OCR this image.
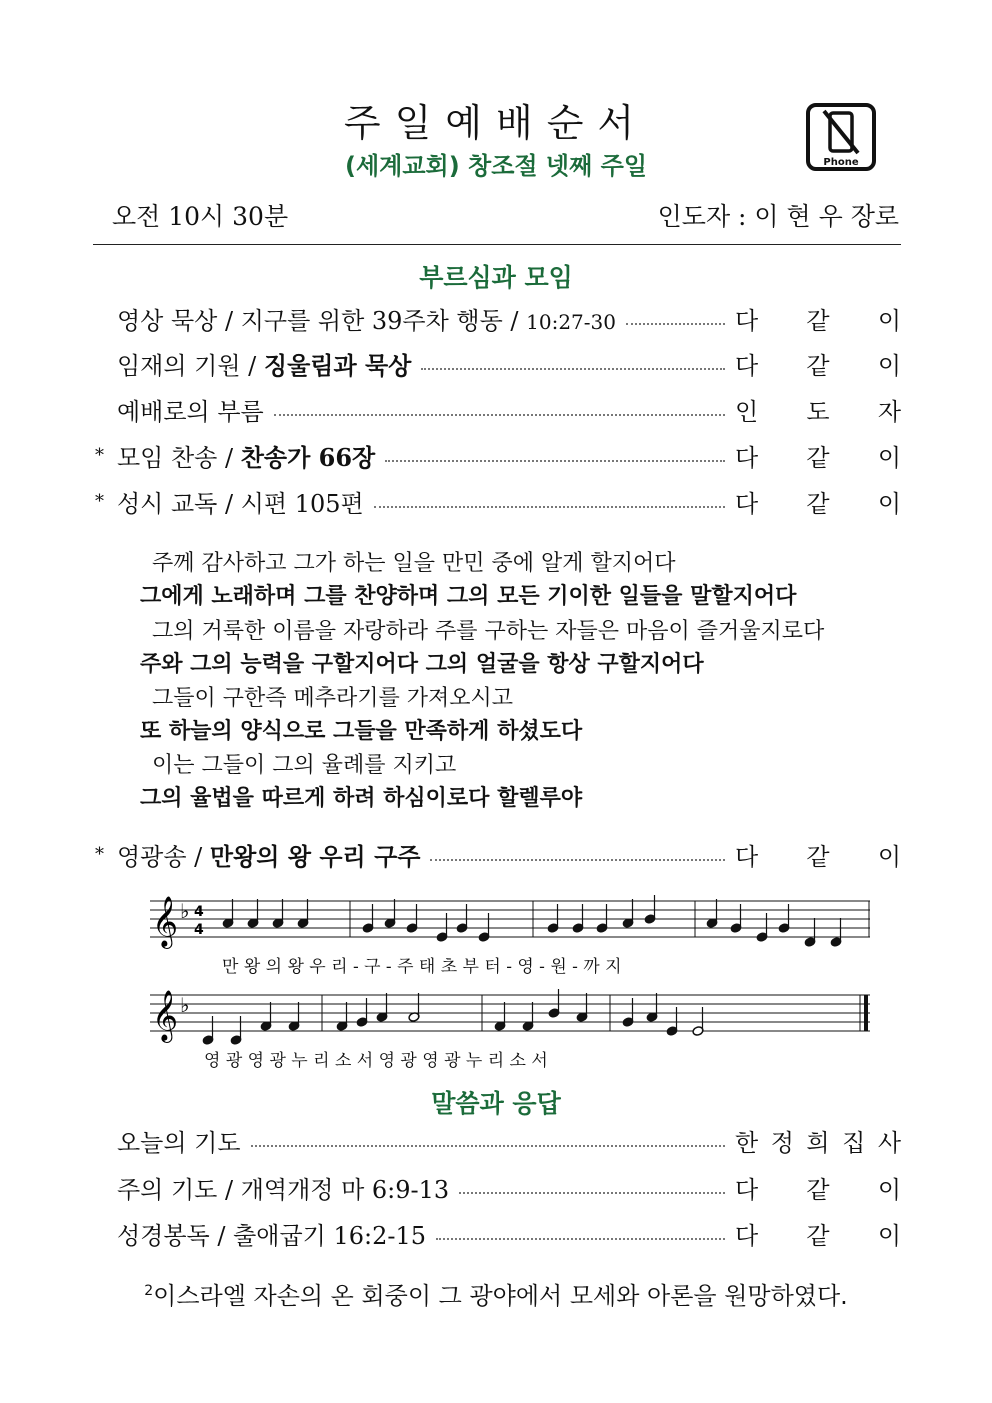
주일예배순서
(세계교회) 창조절 넷째 주일	Phone
오전 10시 30분	인도자 : 이 현 우 장로
부르심과 모임
영상 묵상 / 지구를 위한 39주차 행동 / 10:27-30	다 같 이
임재의 기원 / 징울림과 묵상	다 같 이
예배로의 부름	인 도 자
* 모임 찬송 / 찬송가 66장	다 같 이
* 성시 교독 / 시편 105편	다 같 이
주께 감사하고 그가 하는 일을 만민 중에 알게 할지어다
그에게 노래하며 그를 찬양하며 그의 모든 기이한 일들을 말할지어다
그의 거룩한 이름을 자랑하라 주를 구하는 자들은 마음이 즐거울지로다
주와 그의 능력을 구할지어다 그의 얼굴을 항상 구할지어다
그들이 구한즉 메추라기를 가져오시고
또 하늘의 양식으로 그들을 만족하게 하셨도다
이는 그들이 그의 율례를 지키고
그의 율법을 따르게 하려 하심이로다 할렐루야
* 영광송 / 만왕의 왕 우리 구주	다 같 이
𝄞 ♭ 4
4
만 왕 의 왕 우 리 - 구 - 주 태 초 부 터 - 영 - 원 - 까 지
𝄞 ♭
영 광 영 광 누 리 소 서 영 광 영 광 누 리 소 서
말씀과 응답
오늘의 기도	한 정 희 집 사
주의 기도 / 개역개정 마 6:9-13	다 같 이
성경봉독 / 출애굽기 16:2-15	다 같 이
$^2$이스라엘 자손의 온 회중이 그 광야에서 모세와 아론을 원망하였다.
